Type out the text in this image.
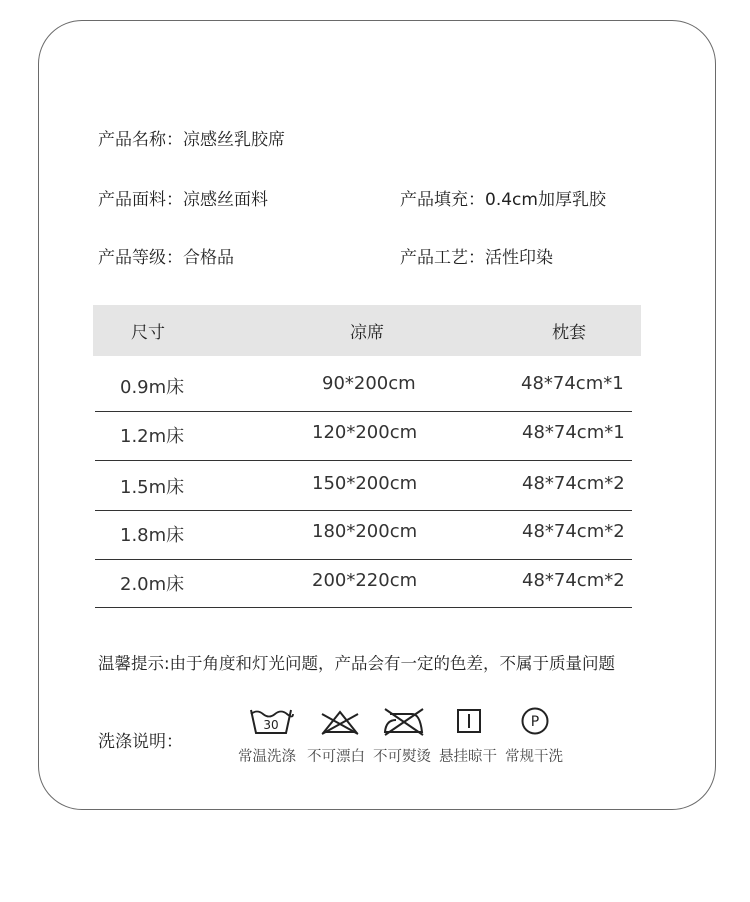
产品名称：凉感丝乳胶席
产品面料：凉感丝面料	产品填充：0.4cm加厚乳胶
产品等级：合格品	产品工艺：活性印染
尺寸	凉席	枕套
0.9m床	90*200cm	48*74cm*1
1.2m床	120*200cm	48*74cm*1
1.5m床	150*200cm	48*74cm*2
1.8m床	180*200cm	48*74cm*2
2.0m床	200*220cm	48*74cm*2
温馨提示:由于角度和灯光问题，产品会有一定的色差，不属于质量问题
洗涤说明：
30	P
常温洗涤 不可漂白 不可熨烫 悬挂晾干 常规干洗
